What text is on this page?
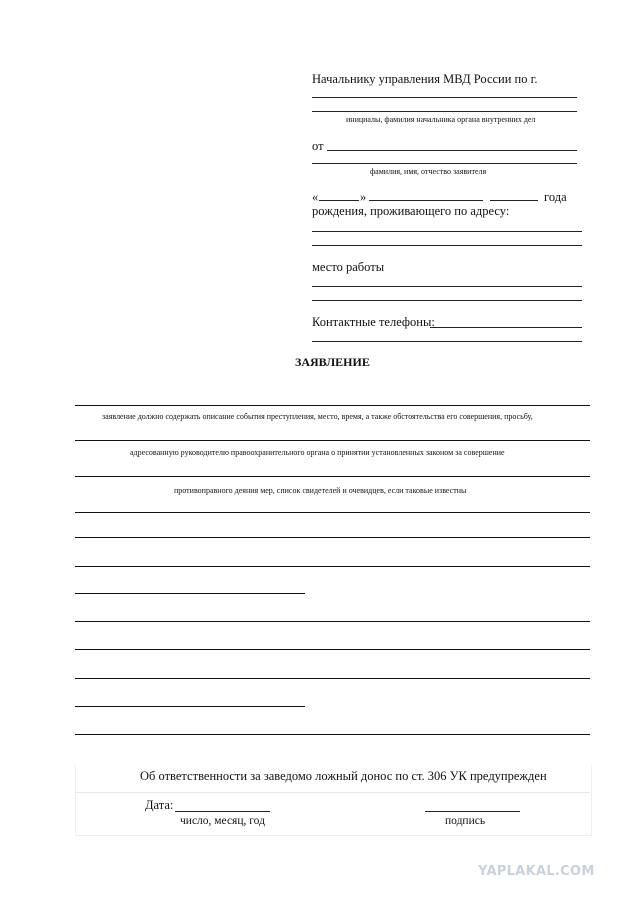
Начальнику управления МВД России по г.
инициалы, фамилия начальника органа внутренних дел
от
фамилия, имя, отчество заявителя
«	»	года
рождения, проживающего по адресу:
место работы
Контактные телефоны:
ЗАЯВЛЕНИЕ
заявление должно содержать описание события преступления, место, время, а также обстоятельства его совершения, просьбу,
адресованную руководителю правоохранительного органа о принятии установленных законом за совершение
противоправного деяния мер, список свидетелей и очевидцев, если таковые известны
Об ответственности за заведомо ложный донос по ст. 306 УК предупрежден
Дата:
число, месяц, год	подпись
YAPLAKAL.COM
